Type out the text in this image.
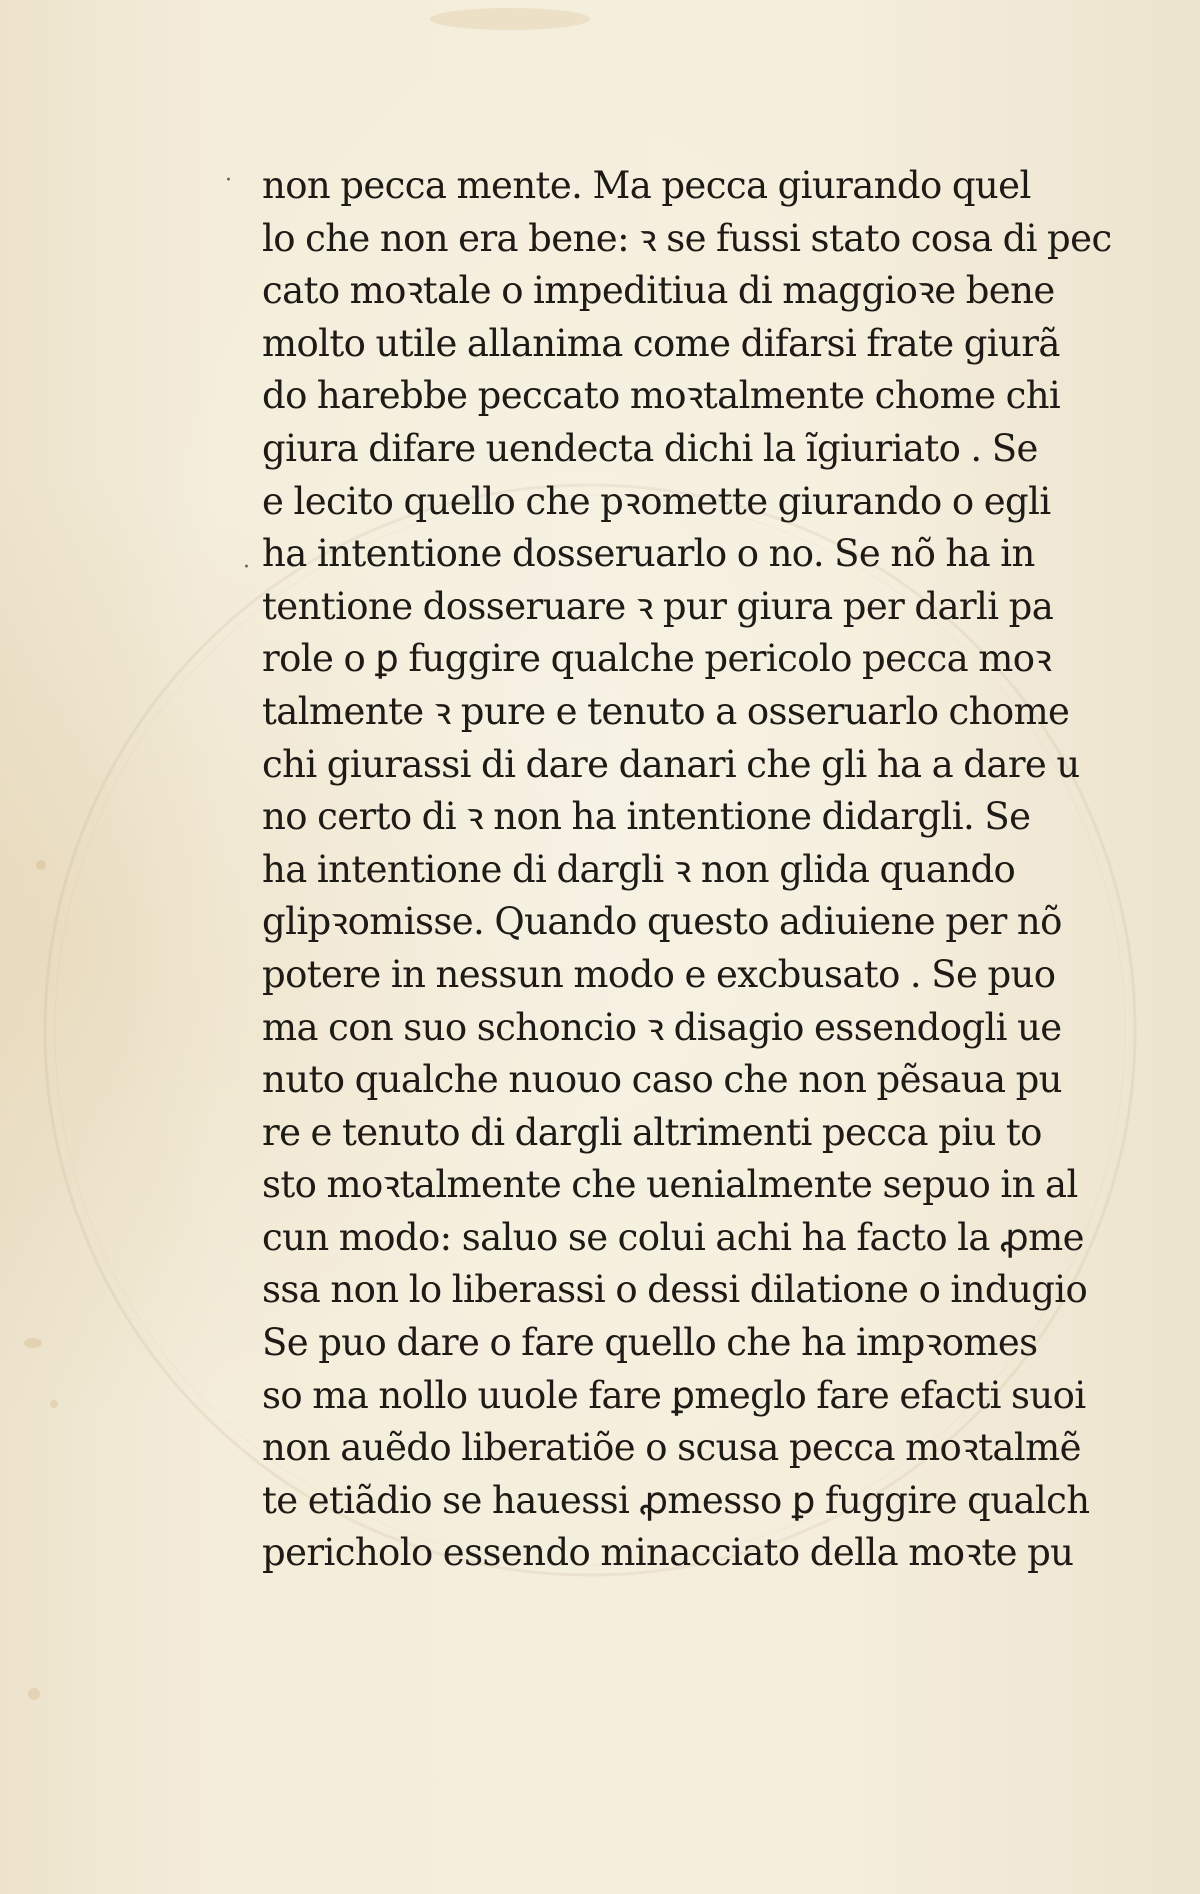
·
·
non pecca mente. Ma pecca giurando quel
lo che non era bene: ꝛ se fussi stato cosa di pec
cato moꝛtale o impeditiua di maggioꝛe bene
molto utile allanima come difarsi frate giurã
do harebbe peccato moꝛtalmente chome chi
giura difare uendecta dichi la ĩgiuriato . Se
e lecito quello che pꝛomette giurando o egli
ha intentione dosseruarlo o no. Se nõ ha in
tentione dosseruare ꝛ pur giura per darli pa
role o ꝑ fuggire qualche pericolo pecca moꝛ
talmente ꝛ pure e tenuto a osseruarlo chome
chi giurassi di dare danari che gli ha a dare u
no certo di ꝛ non ha intentione didargli. Se
ha intentione di dargli ꝛ non glida quando
glipꝛomisse. Quando questo adiuiene per nõ
potere in nessun modo e excbusato . Se puo
ma con suo schoncio ꝛ disagio essendogli ue
nuto qualche nuouo caso che non pẽsaua pu
re e tenuto di dargli altrimenti pecca piu to
sto moꝛtalmente che uenialmente sepuo in al
cun modo: saluo se colui achi ha facto la ꝓme
ssa non lo liberassi o dessi dilatione o indugio
Se puo dare o fare quello che ha impꝛomes
so ma nollo uuole fare ꝑmeglo fare efacti suoi
non auẽdo liberatiõe o scusa pecca moꝛtalmẽ
te etiãdio se hauessi ꝓmesso ꝑ fuggire qualch
pericholo essendo minacciato della moꝛte pu
